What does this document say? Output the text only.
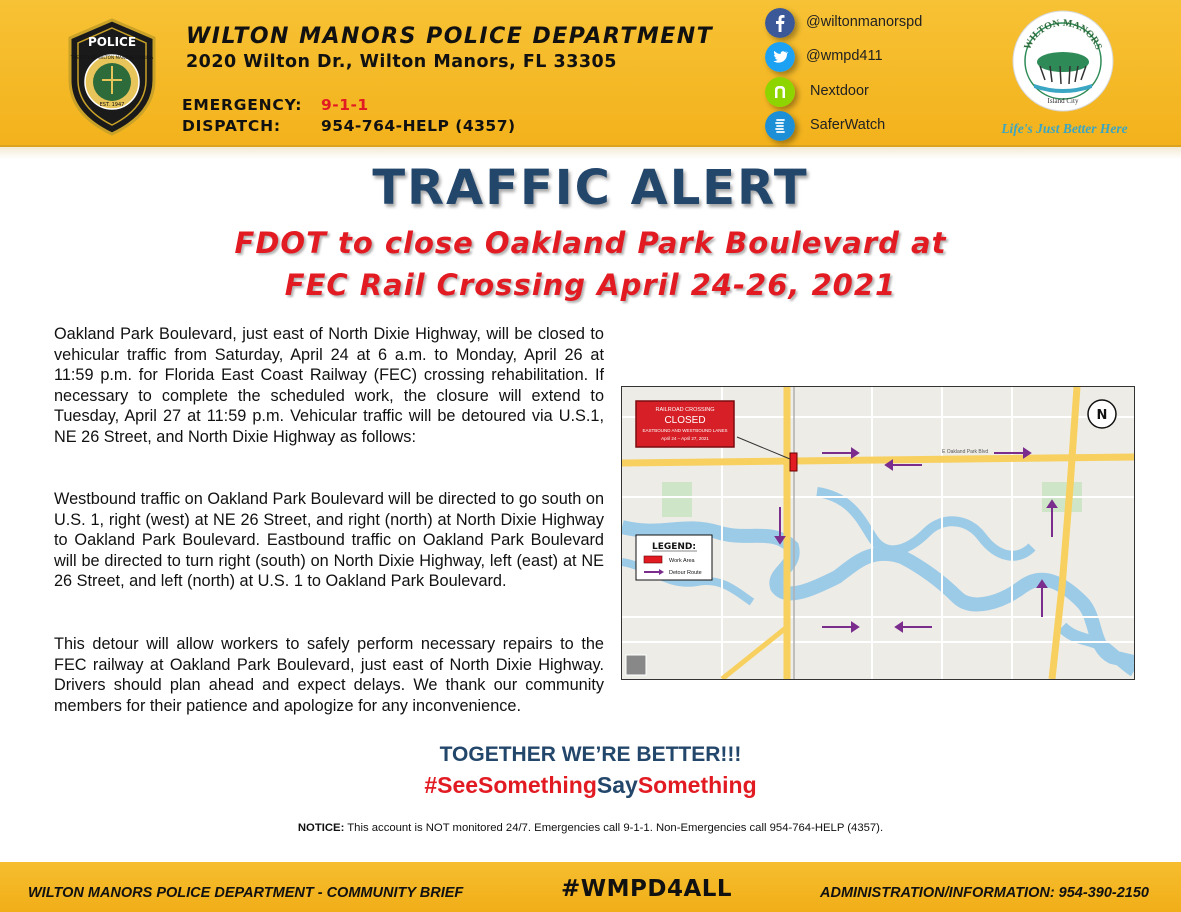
POLICE
EST. 1947
THE CITY OF WILTON MANORS FLORIDA
WILTON MANORS POLICE DEPARTMENT
2020 Wilton Dr., Wilton Manors, FL 33305
EMERGENCY: 9-1-1
DISPATCH:	954-764-HELP (4357)
@wiltonmanorspd
@wmpd411
Nextdoor
SaferWatch
WILTON MANORS
Island City
Life's Just Better Here
TRAFFIC ALERT
FDOT to close Oakland Park Boulevard at
FEC Rail Crossing April 24-26, 2021

Oakland Park Boulevard, just east of North Dixie Highway, will be closed to vehicular traffic from Saturday, April 24 at 6 a.m. to Monday, April 26 at 11:59 p.m. for Florida East Coast Railway (FEC) crossing rehabilitation. If necessary to complete the scheduled work, the closure will extend to Tuesday, April 27 at 11:59 p.m. Vehicular traffic will be detoured via U.S.1, NE 26 Street, and North Dixie Highway as follows:

Westbound traffic on Oakland Park Boulevard will be directed to go south on U.S. 1, right (west) at NE 26 Street, and right (north) at North Dixie Highway to Oakland Park Boulevard. Eastbound traffic on Oakland Park Boulevard will be directed to turn right (south) on North Dixie Highway, left (east) at NE 26 Street, and left (north) at U.S. 1 to Oakland Park Boulevard.

This detour will allow workers to safely perform necessary repairs to the FEC railway at Oakland Park Boulevard, just east of North Dixie Highway. Drivers should plan ahead and expect delays. We thank our community members for their patience and apologize for any inconvenience.

RAILROAD CROSSING
CLOSED
EASTBOUND AND WESTBOUND LANES
April 24 – April 27, 2021
E Oakland Park Blvd
N
LEGEND:
Work Area
Detour Route
TOGETHER WE’RE BETTER!!!
#SeeSomethingSaySomething
NOTICE: This account is NOT monitored 24/7. Emergencies call 9-1-1. Non-Emergencies call 954-764-HELP (4357).
WILTON MANORS POLICE DEPARTMENT - COMMUNITY BRIEF	#WMPD4ALL	ADMINISTRATION/INFORMATION: 954-390-2150
